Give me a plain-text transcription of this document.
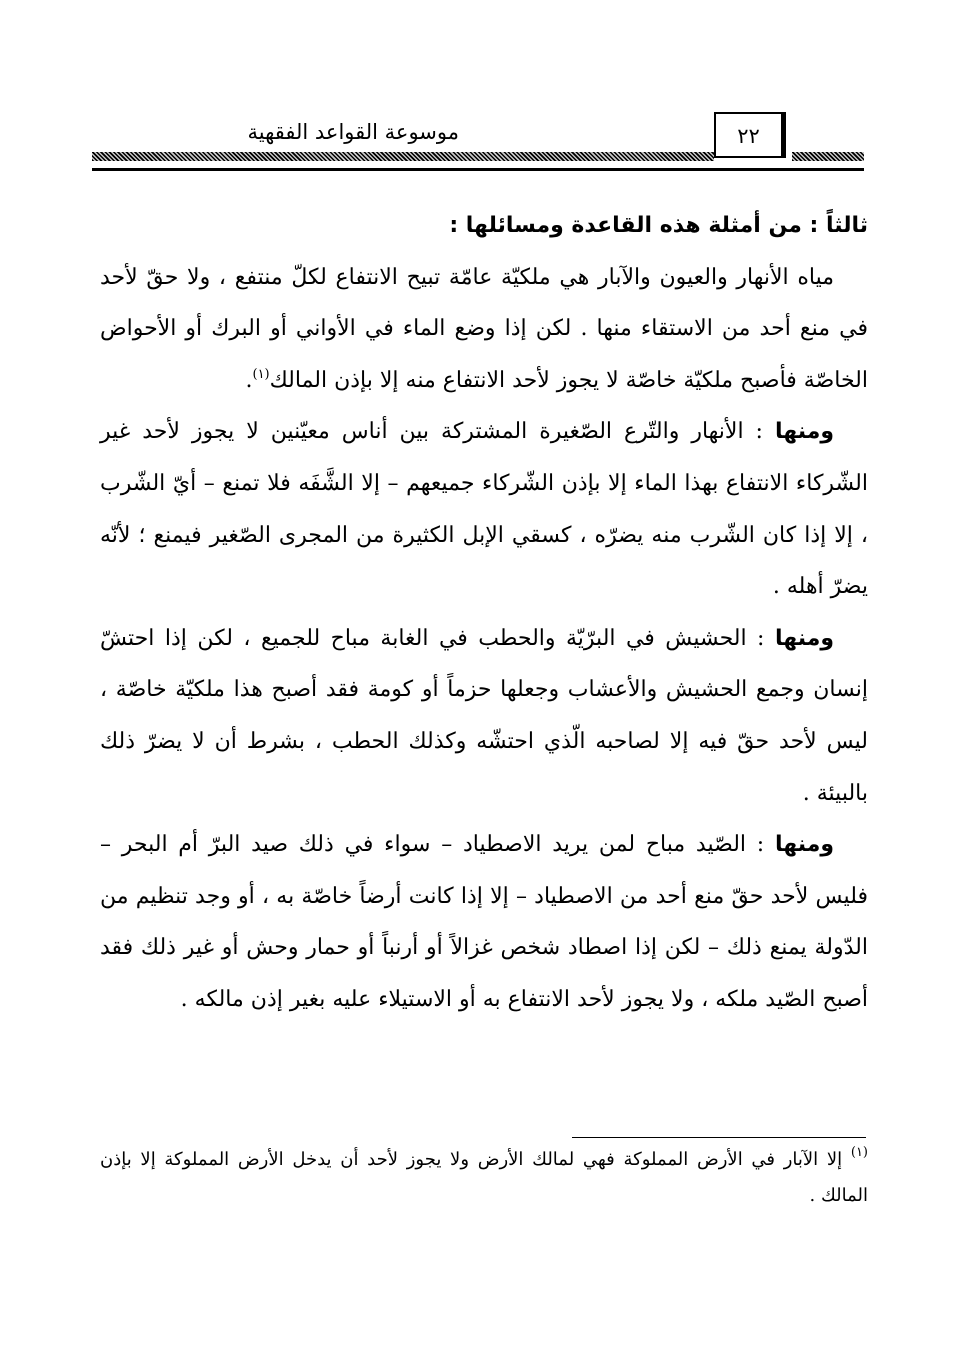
موسوعة القواعد الفقهية	٢٢

ثالثاً : من أمثلة هذه القاعدة ومسائلها :

مياه الأنهار والعيون والآبار هي ملكيّة عامّة تبيح الانتفاع لكلّ منتفع ، ولا حقّ لأحد في منع أحد من الاستقاء منها . لكن إذا وضع الماء في الأواني أو البرك أو الأحواض الخاصّة فأصبح ملكيّة خاصّة لا يجوز لأحد الانتفاع منه إلا بإذن المالك$^{(١)}$.

ومنها : الأنهار والتّرع الصّغيرة المشتركة بين أناس معيّنين لا يجوز لأحد غير الشّركاء الانتفاع بهذا الماء إلا بإذن الشّركاء جميعهم – إلا الشَّفَه فلا تمنع – أيّ الشّرب ، إلا إذا كان الشّرب منه يضرّه ، كسقي الإبل الكثيرة من المجرى الصّغير فيمنع ؛ لأنّه يضرّ أهله .

ومنها : الحشيش في البرّيّة والحطب في الغابة مباح للجميع ، لكن إذا احتشّ إنسان وجمع الحشيش والأعشاب وجعلها حزماً أو كومة فقد أصبح هذا ملكيّة خاصّة ، ليس لأحد حقّ فيه إلا لصاحبه الّذي احتشّه وكذلك الحطب ، بشرط أن لا يضرّ ذلك بالبيئة .

ومنها : الصّيد مباح لمن يريد الاصطياد – سواء في ذلك صيد البرّ أم البحر – فليس لأحد حقّ منع أحد من الاصطياد – إلا إذا كانت أرضاً خاصّة به ، أو وجد تنظيم من الدّولة يمنع ذلك – لكن إذا اصطاد شخص غزالاً أو أرنباً أو حمار وحش أو غير ذلك فقد أصبح الصّيد ملكه ، ولا يجوز لأحد الانتفاع به أو الاستيلاء عليه بغير إذن مالكه .

$^{(١)}$ إلا الآبار في الأرض المملوكة فهي لمالك الأرض ولا يجوز لأحد أن يدخل الأرض المملوكة إلا بإذن المالك .
